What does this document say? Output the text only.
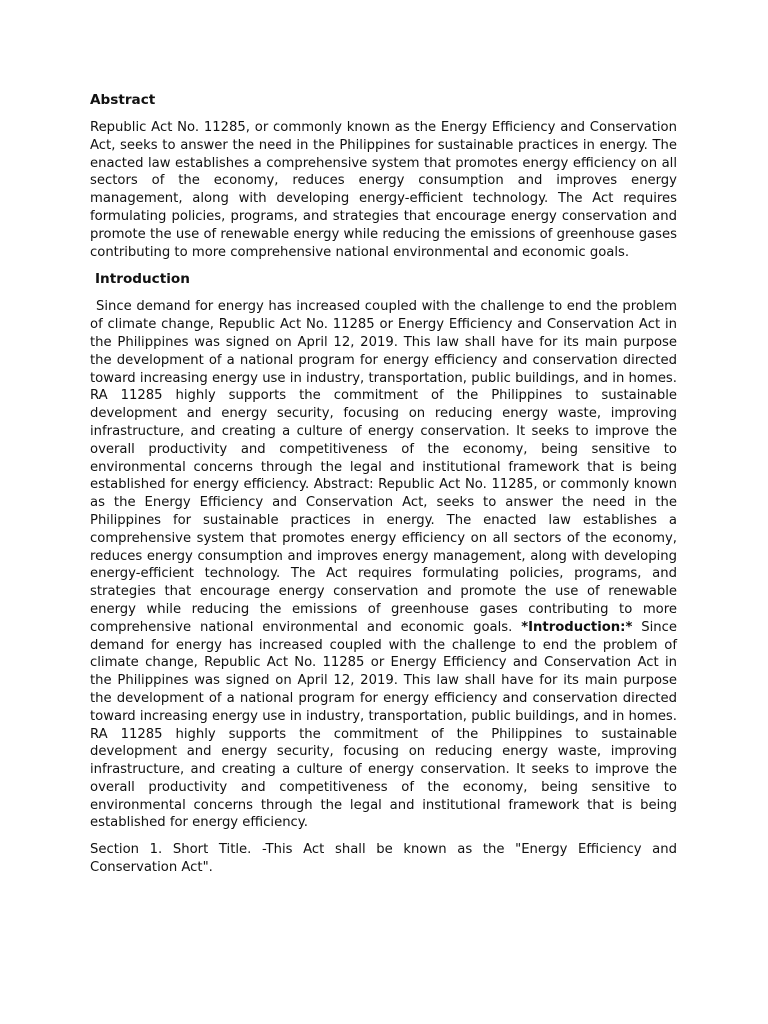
Abstract

Republic Act No. 11285, or commonly known as the Energy Efficiency and Conservation Act, seeks to answer the need in the Philippines for sustainable practices in energy. The enacted law establishes a comprehensive system that promotes energy efficiency on all sectors of the economy, reduces energy consumption and improves energy management, along with developing energy-efficient technology. The Act requires formulating policies, programs, and strategies that encourage energy conservation and promote the use of renewable energy while reducing the emissions of greenhouse gases contributing to more comprehensive national environmental and economic goals.

Introduction

Since demand for energy has increased coupled with the challenge to end the problem of climate change, Republic Act No. 11285 or Energy Efficiency and Conservation Act in the Philippines was signed on April 12, 2019. This law shall have for its main purpose the development of a national program for energy efficiency and conservation directed toward increasing energy use in industry, transportation, public buildings, and in homes. RA 11285 highly supports the commitment of the Philippines to sustainable development and energy security, focusing on reducing energy waste, improving infrastructure, and creating a culture of energy conservation. It seeks to improve the overall productivity and competitiveness of the economy, being sensitive to environmental concerns through the legal and institutional framework that is being established for energy efficiency. Abstract: Republic Act No. 11285, or commonly known as the Energy Efficiency and Conservation Act, seeks to answer the need in the Philippines for sustainable practices in energy. The enacted law establishes a comprehensive system that promotes energy efficiency on all sectors of the economy, reduces energy consumption and improves energy management, along with developing energy-efficient technology. The Act requires formulating policies, programs, and strategies that encourage energy conservation and promote the use of renewable energy while reducing the emissions of greenhouse gases contributing to more comprehensive national environmental and economic goals. *Introduction:* Since demand for energy has increased coupled with the challenge to end the problem of climate change, Republic Act No. 11285 or Energy Efficiency and Conservation Act in the Philippines was signed on April 12, 2019. This law shall have for its main purpose the development of a national program for energy efficiency and conservation directed toward increasing energy use in industry, transportation, public buildings, and in homes. RA 11285 highly supports the commitment of the Philippines to sustainable development and energy security, focusing on reducing energy waste, improving infrastructure, and creating a culture of energy conservation. It seeks to improve the overall productivity and competitiveness of the economy, being sensitive to environmental concerns through the legal and institutional framework that is being established for energy efficiency.

Section 1. Short Title. -This Act shall be known as the "Energy Efficiency and Conservation Act".
